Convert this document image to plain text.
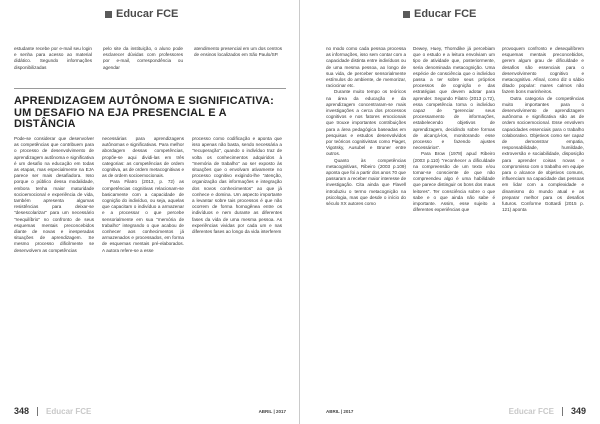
Educar FCE

estudante recebe por e-mail seu login e senha para acesso ao material didático. Segundo informações disponibilizadas

pelo site da instituição, o aluno pode esclarecer dúvidas com professores por e-mail, correspondência ou agendar

atendimento presencial em um dos centros de ensinos localizados em São Paulo/SP.

APRENDIZAGEM AUTÔNOMA E SIGNIFICATIVA: UM DESAFIO NA EJA PRESENCIAL E A DISTÂNCIA

Pode-se considerar que desenvolver as competências que contribuem para o processo de desenvolvimento de aprendizagem autônoma e significativa é um desafio na educação em todas as etapas, mas especialmente na EJA parece ser mais desafiadora. Isso porque o público dessa modalidade, embora tenha maior maturidade socioemocional e experiência de vida, também apresenta algumas resistências para deixar-se "desescolarizar" para um necessário "reequilíbrio" no confronto de seus esquemas mentais preconcebidos diante de novas e inesperadas situações de aprendizagem. Se mesmo processo dificilmente se desenvolvem as competências

necessárias para aprendizagens autônomas e significativas. Para melhor abordagem dessas competências, propõe-se aqui dividi-las em três categorias: as competências de ordem cognitiva, as de ordem metacognitivas e as de ordem socioemocionais.

Para Filatro (2013, p. 72) as competências cognitivas relacionam-se basicamente com a capacidade de cognição do indivíduo, ou seja, aquelas que capacitam o indivíduo a armazenar e a processar o que percebe sensorialmente em sua "memória de trabalho" integrando o que acabou de conhecer aos conhecimentos já armazenados e processados, em forma de esquemas mentais pré-elaborados. A autora refere-se a esse

processo como codificação e aponta que isso apenas não basta, sendo necessária a "recuperação", quando o indivíduo traz de volta os conhecimentos adquiridos à "memória de trabalho" ao ser exposto às situações que o envolvam ativamente no processo cognitivo exigindo-lhe "atenção, organização das informações e integração dos novos conhecimentos" ao que já conhece e domina. Um aspecto importante a levantar sobre tais processos é que não ocorrem de forma homogênea entre os indivíduos e nem durante as diferentes fases da vida de uma mesma pessoa. As experiências vividas por cada um e nas diferentes fases ao longo da vida interferem

348 Educar FCE	ABRIL | 2017
Educar FCE

no modo como cada pessoa processa as informações, isso sem contar com a capacidade distinta entre indivíduos ou de uma mesma pessoa, ao longo de sua vida, de perceber sensorialmente estímulos do ambiente, de memorizar, raciocinar etc.

Durante muito tempo os teóricos na área da educação e da aprendizagem concentraram-se mais investigações a cerca dos processos cognitivos e nos fatores emocionais que trouxe importantes contribuições para a área pedagógica baseadas em pesquisas e estudos desenvolvidos por teóricos cognitivistas como Piaget, Vigotsky, Ausubel e Bruner entre outros.

Quanto às competências metacognitivas, Ribeiro (2003 p.109) aponta que foi a partir dos anos 70 que passaram a receber maior interesse de investigação. Cita ainda que Flavell introduziu o termo metacognição na psicologia, mas que desde o início do século XX autores como

Dewey, Huey, Thorndike já percebiam que o estudo e a leitura envolviam um tipo de atividade que, posteriormente, seria denominada metacognição. Uma espécie de consciência que o indivíduo passa a ter sobre seus próprios processos de cognição e das estratégias que devem adotar para aprender. Segundo Filatro (2013 p.72), essa competência torna o indivíduo capaz de "gerenciar seus processamento de informações, estabelecendo objetivos de aprendizagem, decidindo sobre formas de alcançá-los, monitorando esse processo e fazendo ajustes necessários".

Para Brow (1978) apud Ribeiro (2003 p.110) "reconhecer a dificuldade na compreensão de um texto e/ou tomar-se consciente de que não compreendeu algo é uma habilidade que parece distinguir os bons dos maus leitores". Ter consciência sobre o que sabe e o que ainda não sabe é importante. Assim, esse sujeito a diferentes experiências que

provoquem confronto e desequilíbrem esquemas mentais preconcebidos, gerem algum grau de dificuldade e desafios são essenciais para o desenvolvimento cognitivo e metacognitivo. Afinal, como diz o sábio ditado popular: mares calmos não fazem bons marinheiros.

Outra categoria de competências muito importantes para o desenvolvimento de aprendizagem autônoma e significativa são as de ordem socioemocional. Esse envolvem capacidades essenciais para o trabalho colaborativo. Objetivos como ser capaz de demonstrar empatia, responsabilidade, humildade, extroversão e sociabilidade, disposição para aprender coisas novas e compromisso com o trabalho em equipe para o alcance de objetivos comuns, influenciam na capacidade das pessoas em lidar com a complexidade e dinamismo do mundo atual e as preparar melhor para os desafios futuros. Conforme Gottardi (2015 p. 121) aponta

ABRIL | 2017	Educar FCE 349
